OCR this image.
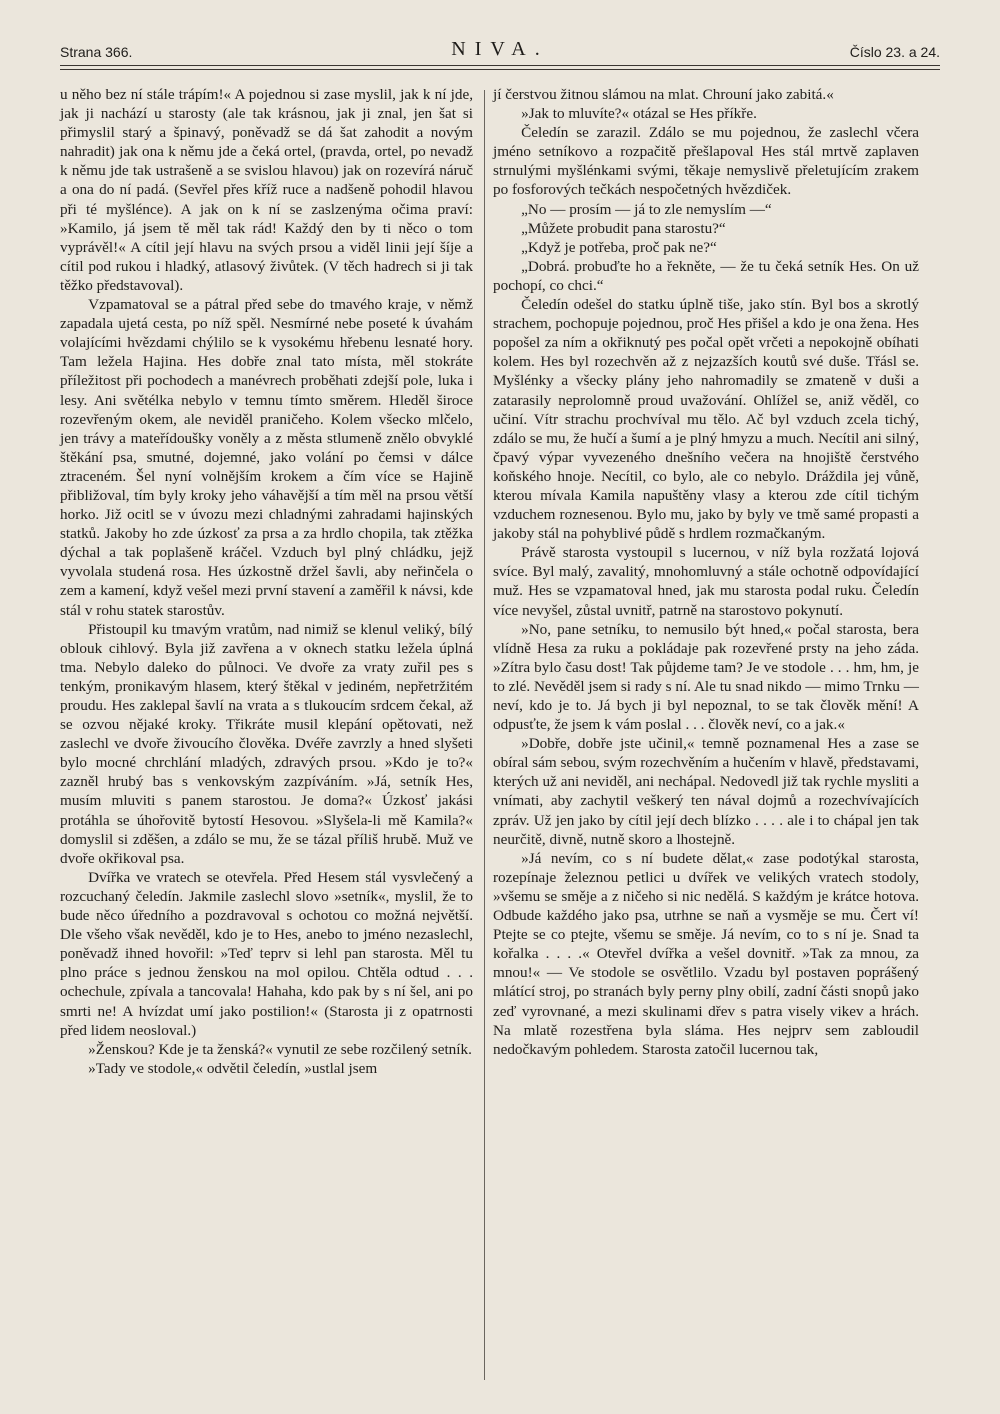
Strana 366.	NIVA.	Číslo 23. a 24.

u něho bez ní stále trápím!« A pojednou si zase myslil, jak k ní jde, jak ji nachází u starosty (ale tak krásnou, jak ji znal, jen šat si přimyslil starý a špinavý, poněvadž se dá šat zahodit a novým nahradit) jak ona k němu jde a čeká ortel, (pravda, ortel, po nevadž k němu jde tak ustrašeně a se svislou hlavou) jak on rozevírá náruč a ona do ní padá. (Sevřel přes kříž ruce a nadšeně pohodil hlavou při té myšlénce). A jak on k ní se zaslzenýma očima praví: »Kamilo, já jsem tě měl tak rád! Každý den by ti něco o tom vyprávěl!« A cítil její hlavu na svých prsou a viděl linii její šíje a cítil pod rukou i hladký, atlasový živůtek. (V těch hadrech si ji tak těžko představoval).

Vzpamatoval se a pátral před sebe do tmavého kraje, v němž zapadala ujetá cesta, po níž spěl. Nesmírné nebe poseté k úvahám volajícími hvězdami chýlilo se k vysokému hřebenu lesnaté hory. Tam ležela Hajina. Hes dobře znal tato místa, měl stokráte příležitost při pochodech a manévrech proběhati zdejší pole, luka i lesy. Ani světélka nebylo v temnu tímto směrem. Hleděl široce rozevřeným okem, ale neviděl praničeho. Kolem všecko mlčelo, jen trávy a mateřídoušky voněly a z města stlumeně znělo obvyklé štěkání psa, smutné, dojemné, jako volání po čemsi v dálce ztraceném. Šel nyní volnějším krokem a čím více se Hajině přibližoval, tím byly kroky jeho váhavější a tím měl na prsou větší horko. Již ocitl se v úvozu mezi chladnými zahradami hajinských statků. Jakoby ho zde úzkosť za prsa a za hrdlo chopila, tak ztěžka dýchal a tak poplašeně kráčel. Vzduch byl plný chládku, jejž vyvolala studená rosa. Hes úzkostně držel šavli, aby neřinčela o zem a kamení, když vešel mezi první stavení a zaměřil k návsi, kde stál v rohu statek starostův.

Přistoupil ku tmavým vratům, nad nimiž se klenul veliký, bílý oblouk cihlový. Byla již zavřena a v oknech statku ležela úplná tma. Nebylo daleko do půlnoci. Ve dvoře za vraty zuřil pes s tenkým, pronikavým hlasem, který štěkal v jediném, nepřetržitém proudu. Hes zaklepal šavlí na vrata a s tlukoucím srdcem čekal, až se ozvou nějaké kroky. Třikráte musil klepání opětovati, než zaslechl ve dvoře živoucího člověka. Dvéře zavrzly a hned slyšeti bylo mocné chrchlání mladých, zdravých prsou. »Kdo je to?« zazněl hrubý bas s venkovským zazpíváním. »Já, setník Hes, musím mluviti s panem starostou. Je doma?« Úzkosť jakási protáhla se úhořovitě bytostí Hesovou. »Slyšela-li mě Kamila?« domyslil si zděšen, a zdálo se mu, že se tázal příliš hrubě. Muž ve dvoře okřikoval psa.

Dvířka ve vratech se otevřela. Před Hesem stál vysvlečený a rozcuchaný čeledín. Jakmile zaslechl slovo »setník«, myslil, že to bude něco úředního a pozdravoval s ochotou co možná největší. Dle všeho však nevěděl, kdo je to Hes, anebo to jméno nezaslechl, poněvadž ihned hovořil: »Teď teprv si lehl pan starosta. Měl tu plno práce s jednou ženskou na mol opilou. Chtěla odtud . . . ochechule, zpívala a tancovala! Hahaha, kdo pak by s ní šel, ani po smrti ne! A hvízdat umí jako postilion!« (Starosta ji z opatrnosti před lidem neosloval.)

»Ženskou? Kde je ta ženská?« vynutil ze sebe rozčilený setník.

»Tady ve stodole,« odvětil čeledín, »ustlal jsem

jí čerstvou žitnou slámou na mlat. Chrouní jako zabitá.«

»Jak to mluvíte?« otázal se Hes příkře.

Čeledín se zarazil. Zdálo se mu pojednou, že zaslechl včera jméno setníkovo a rozpačitě přešlapoval Hes stál mrtvě zaplaven strnulými myšlénkami svými, těkaje nemyslivě přeletujícím zrakem po fosforových tečkách nespočetných hvězdiček.

„No — prosím — já to zle nemyslím —“

„Můžete probudit pana starostu?“

„Když je potřeba, proč pak ne?“

„Dobrá. probuďte ho a řekněte, — že tu čeká setník Hes. On už pochopí, co chci.“

Čeledín odešel do statku úplně tiše, jako stín. Byl bos a skrotlý strachem, pochopuje pojednou, proč Hes přišel a kdo je ona žena. Hes popošel za ním a okřiknutý pes počal opět vrčeti a nepokojně obíhati kolem. Hes byl rozechvěn až z nejzazších koutů své duše. Třásl se. Myšlénky a všecky plány jeho nahromadily se zmateně v duši a zatarasily neprolomně proud uvažování. Ohlížel se, aniž věděl, co učiní. Vítr strachu prochvíval mu tělo. Ač byl vzduch zcela tichý, zdálo se mu, že hučí a šumí a je plný hmyzu a much. Necítil ani silný, čpavý výpar vyvezeného dnešního večera na hnojiště čerstvého koňského hnoje. Necítil, co bylo, ale co nebylo. Dráždila jej vůně, kterou mívala Kamila napuštěny vlasy a kterou zde cítil tichým vzduchem roznesenou. Bylo mu, jako by byly ve tmě samé propasti a jakoby stál na pohyblivé půdě s hrdlem rozmačkaným.

Právě starosta vystoupil s lucernou, v níž byla rozžatá lojová svíce. Byl malý, zavalitý, mnohomluvný a stále ochotně odpovídající muž. Hes se vzpamatoval hned, jak mu starosta podal ruku. Čeledín více nevyšel, zůstal uvnitř, patrně na starostovo pokynutí.

»No, pane setníku, to nemusilo být hned,« počal starosta, bera vlídně Hesa za ruku a pokládaje pak rozevřené prsty na jeho záda. »Zítra bylo času dost! Tak půjdeme tam? Je ve stodole . . . hm, hm, je to zlé. Nevěděl jsem si rady s ní. Ale tu snad nikdo — mimo Trnku — neví, kdo je to. Já bych ji byl nepoznal, to se tak člověk mění! A odpusťte, že jsem k vám poslal . . . člověk neví, co a jak.«

»Dobře, dobře jste učinil,« temně poznamenal Hes a zase se obíral sám sebou, svým rozechvěním a hučením v hlavě, představami, kterých už ani neviděl, ani nechápal. Nedovedl již tak rychle mysliti a vnímati, aby zachytil veškerý ten nával dojmů a rozechvívajících zpráv. Už jen jako by cítil její dech blízko . . . . ale i to chápal jen tak neurčitě, divně, nutně skoro a lhostejně.

»Já nevím, co s ní budete dělat,« zase podotýkal starosta, rozepínaje železnou petlici u dvířek ve velikých vratech stodoly, »všemu se směje a z ničeho si nic nedělá. S každým je krátce hotova. Odbude každého jako psa, utrhne se naň a vysměje se mu. Čert ví! Ptejte se co ptejte, všemu se směje. Já nevím, co to s ní je. Snad ta kořalka . . . .« Otevřel dvířka a vešel dovnitř. »Tak za mnou, za mnou!« — Ve stodole se osvětlilo. Vzadu byl postaven poprášený mlátící stroj, po stranách byly perny plny obilí, zadní části snopů jako zeď vyrovnané, a mezi skulinami dřev s patra visely vikev a hrách. Na mlatě rozestřena byla sláma. Hes nejprv sem zabloudil nedočkavým pohledem. Starosta zatočil lucernou tak,
